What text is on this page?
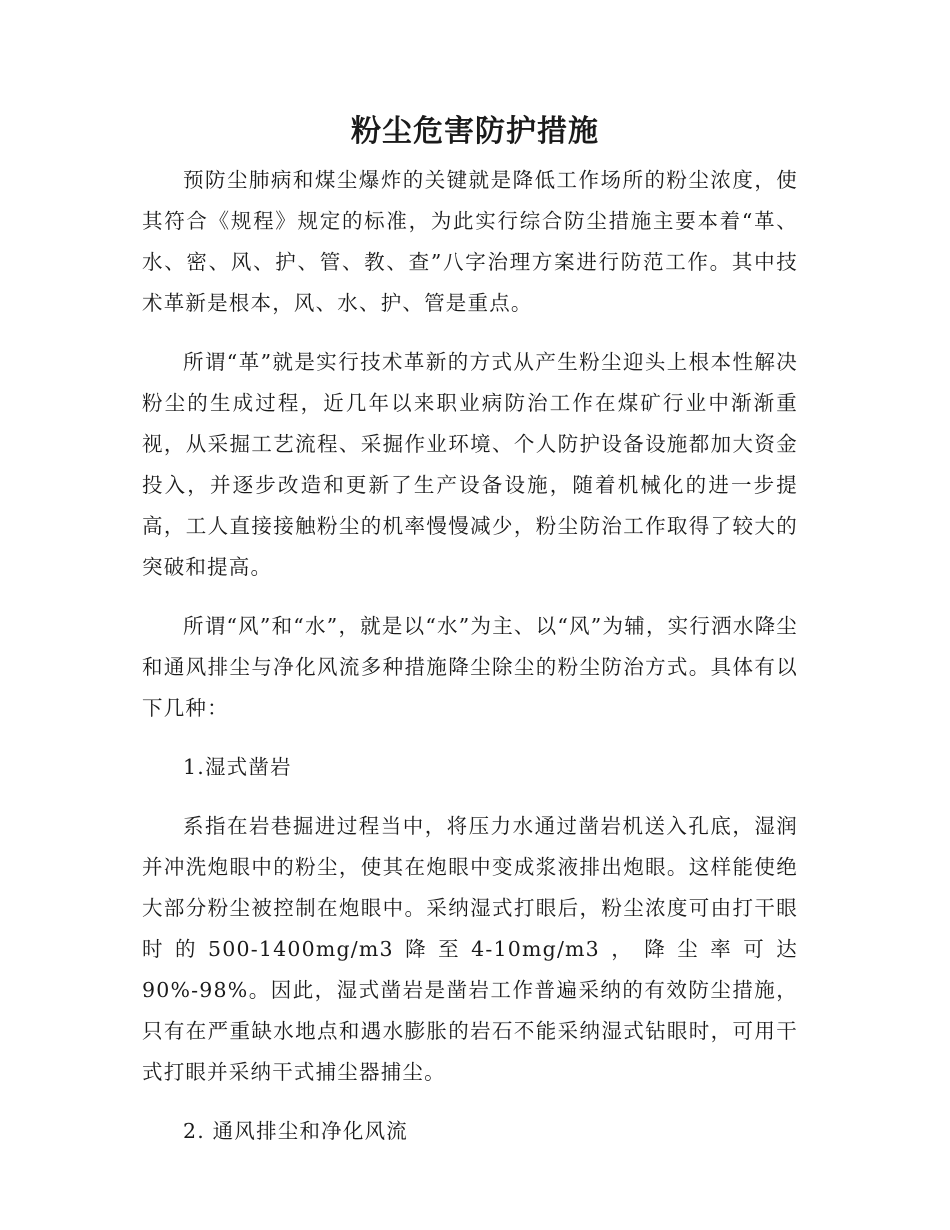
粉尘危害防护措施

预防尘肺病和煤尘爆炸的关键就是降低工作场所的粉尘浓度，使其符合《规程》规定的标准，为此实行综合防尘措施主要本着“革、水、密、风、护、管、教、查”八字治理方案进行防范工作。其中技术革新是根本，风、水、护、管是重点。

所谓“革”就是实行技术革新的方式从产生粉尘迎头上根本性解决粉尘的生成过程，近几年以来职业病防治工作在煤矿行业中渐渐重视，从采掘工艺流程、采掘作业环境、个人防护设备设施都加大资金投入，并逐步改造和更新了生产设备设施，随着机械化的进一步提高，工人直接接触粉尘的机率慢慢减少，粉尘防治工作取得了较大的突破和提高。

所谓“风”和“水”，就是以“水”为主、以“风”为辅，实行洒水降尘和通风排尘与净化风流多种措施降尘除尘的粉尘防治方式。具体有以下几种：

1.湿式凿岩

系指在岩巷掘进过程当中，将压力水通过凿岩机送入孔底，湿润并冲洗炮眼中的粉尘，使其在炮眼中变成浆液排出炮眼。这样能使绝大部分粉尘被控制在炮眼中。采纳湿式打眼后，粉尘浓度可由打干眼时的500-1400mg/m3降至4-10mg/m3，降尘率可达90%-98%。因此，湿式凿岩是凿岩工作普遍采纳的有效防尘措施，只有在严重缺水地点和遇水膨胀的岩石不能采纳湿式钻眼时，可用干式打眼并采纳干式捕尘器捕尘。

2. 通风排尘和净化风流
